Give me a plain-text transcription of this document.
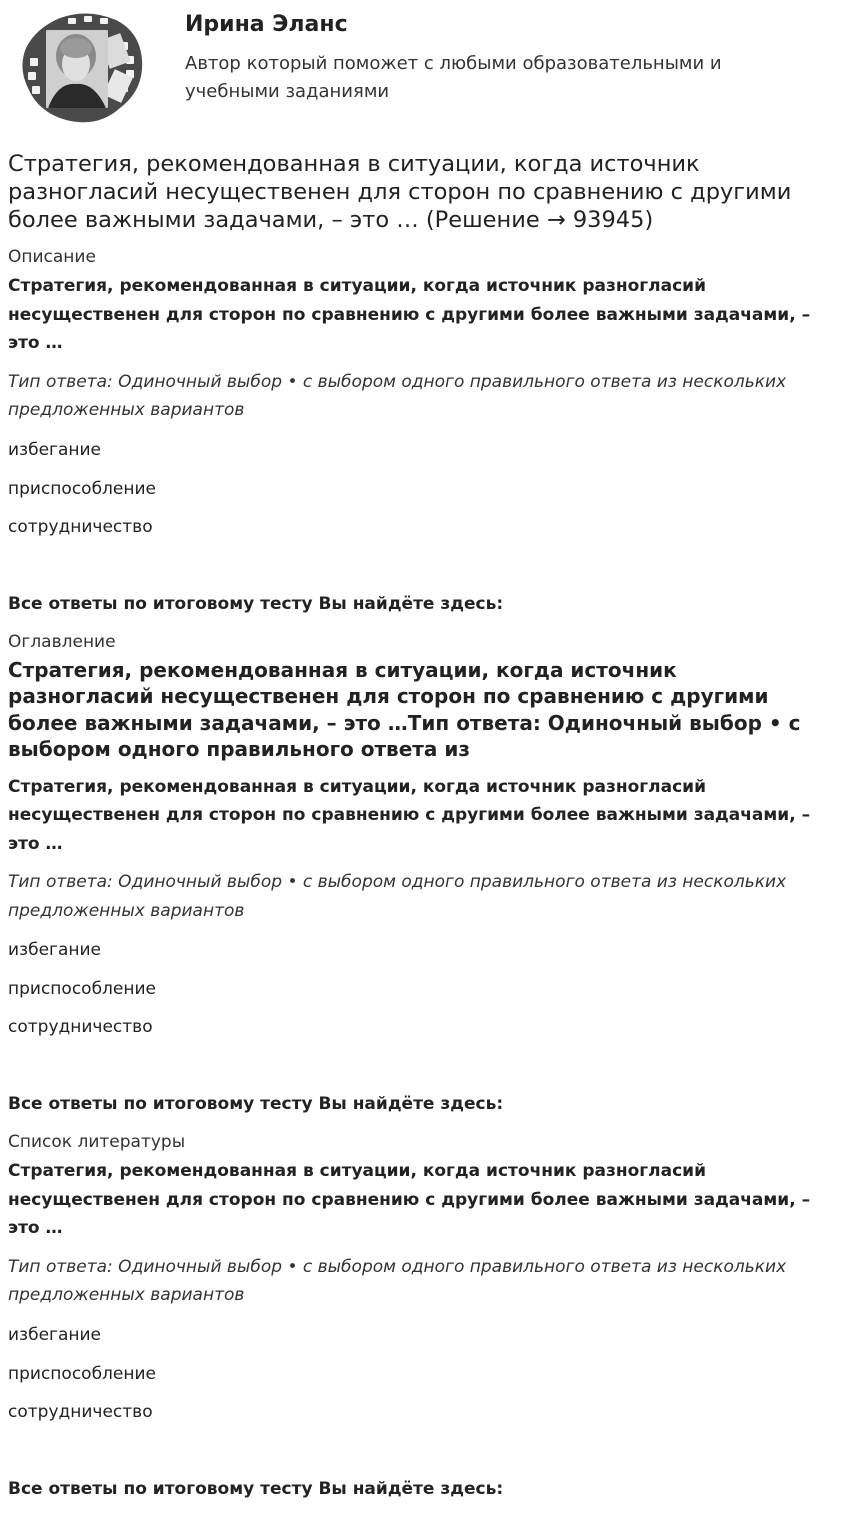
Ирина Эланс
Автор который поможет с любыми образовательными и учебными заданиями
Стратегия, рекомендованная в ситуации, когда источник разногласий несущественен для сторон по сравнению с другими более важными задачами, – это … (Решение → 93945)
Описание
Стратегия, рекомендованная в ситуации, когда источник разногласий несущественен для сторон по сравнению с другими более важными задачами, – это …
Тип ответа: Одиночный выбор • с выбором одного правильного ответа из нескольких предложенных вариантов
избегание
приспособление
сотрудничество
Все ответы по итоговому тесту Вы найдёте здесь:
Оглавление
Стратегия, рекомендованная в ситуации, когда источник разногласий несущественен для сторон по сравнению с другими более важными задачами, – это …Тип ответа: Одиночный выбор • с выбором одного правильного ответа из
Стратегия, рекомендованная в ситуации, когда источник разногласий несущественен для сторон по сравнению с другими более важными задачами, – это …
Тип ответа: Одиночный выбор • с выбором одного правильного ответа из нескольких предложенных вариантов
избегание
приспособление
сотрудничество
Все ответы по итоговому тесту Вы найдёте здесь:
Список литературы
Стратегия, рекомендованная в ситуации, когда источник разногласий несущественен для сторон по сравнению с другими более важными задачами, – это …
Тип ответа: Одиночный выбор • с выбором одного правильного ответа из нескольких предложенных вариантов
избегание
приспособление
сотрудничество
Все ответы по итоговому тесту Вы найдёте здесь:
